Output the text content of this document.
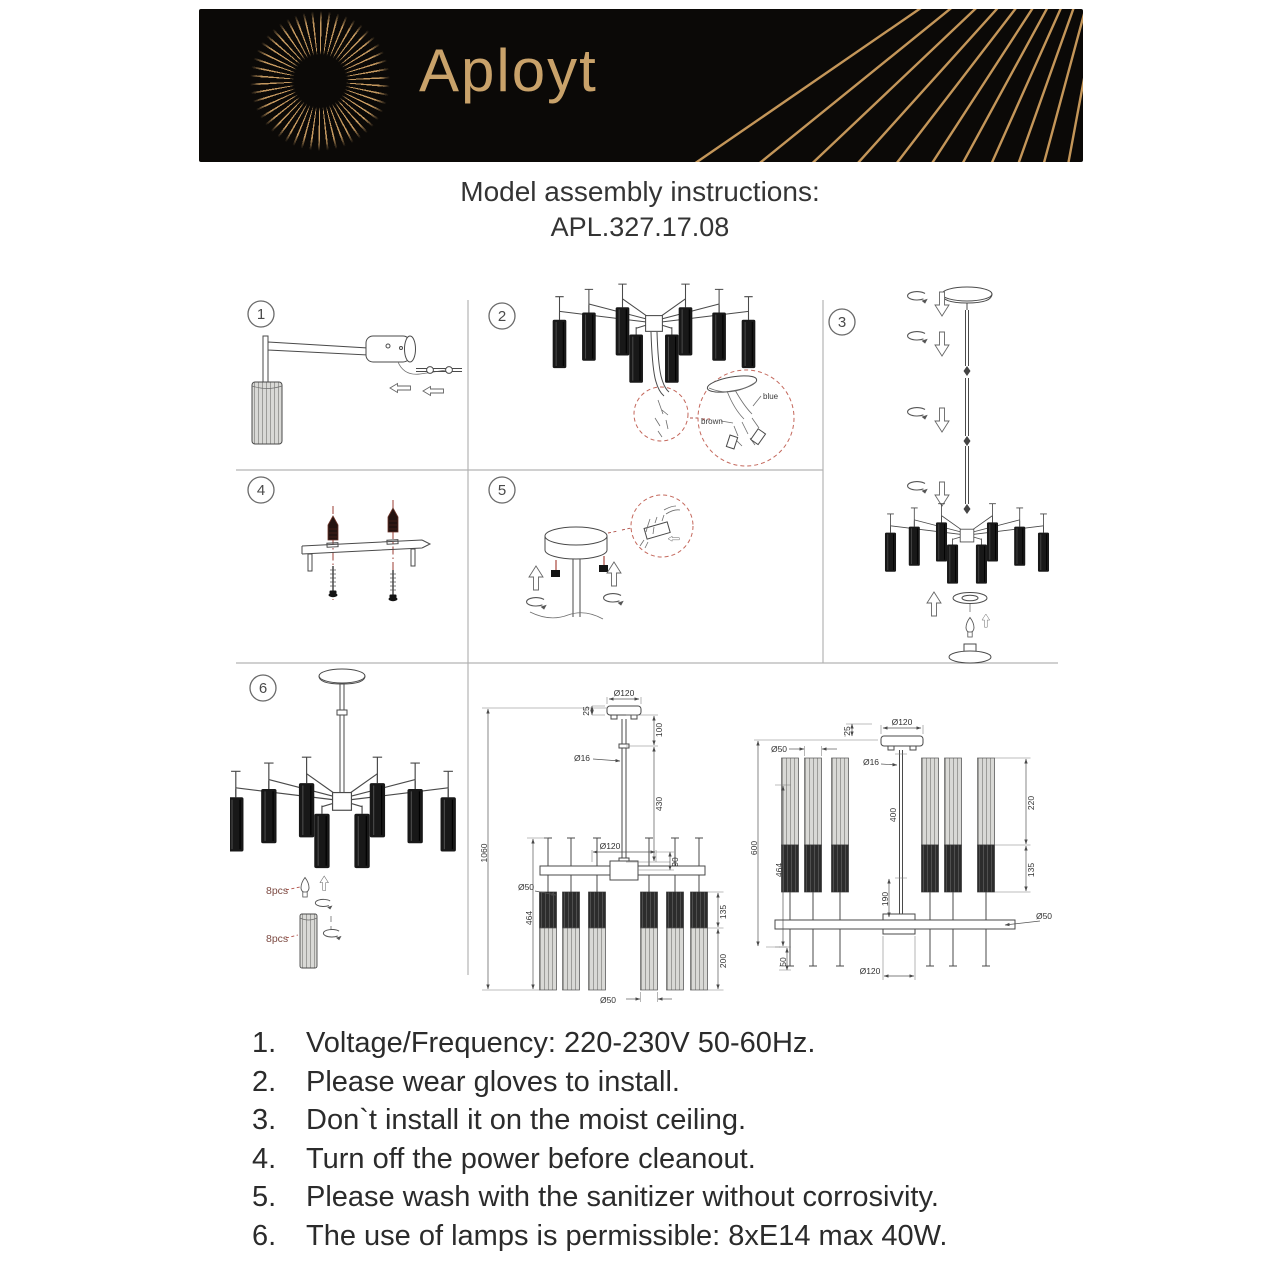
Aployt
Model assembly instructions:
APL.327.17.08
1	2
blue
brown
3
4	5
6
8pcs
8pcs
Ø120
25
100
Ø16
430
Ø120
90
1060
464
Ø50
135
200
Ø50
Ø120
25
Ø16
Ø50
600
464
400
190
220
135
Ø50
50
Ø120
1.	Voltage/Frequency: 220-230V 50-60Hz.
2.	Please wear gloves to install.
3.	Don`t install it on the moist ceiling.
4.	Turn off the power before cleanout.
5.	Please wash with the sanitizer without corrosivity.
6.	The use of lamps is permissible: 8xE14 max 40W.
